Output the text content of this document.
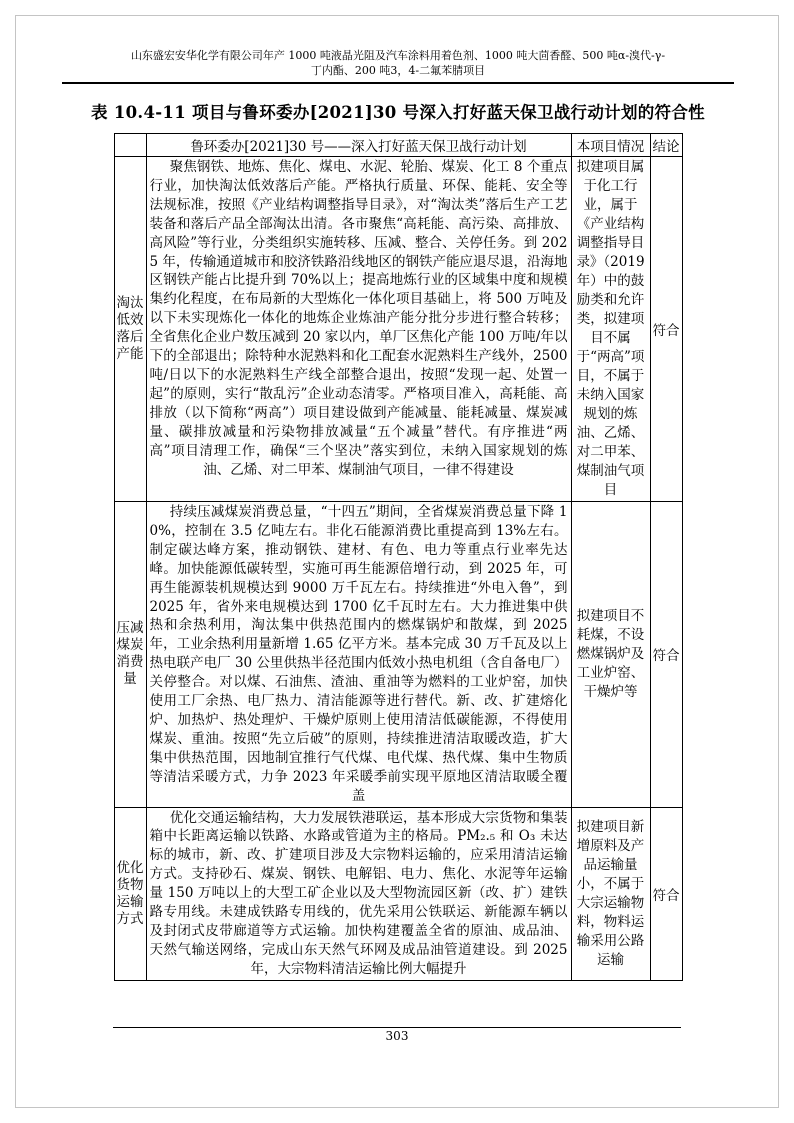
山东盛宏安华化学有限公司年产 1000 吨液晶光阻及汽车涂料用着色剂、1000 吨大茴香醛、500 吨α-溴代-γ-
丁内酯、200 吨3，4-二氟苯腈项目
表 10.4-11 项目与鲁环委办[2021]30 号深入打好蓝天保卫战行动计划的符合性
	鲁环委办[2021]30 号——深入打好蓝天保卫战行动计划	本项目情况	结论
淘汰低效落后产能	聚焦钢铁、地炼、焦化、煤电、水泥、轮胎、煤炭、化工 8 个重点行业，加快淘汰低效落后产能。严格执行质量、环保、能耗、安全等法规标准，按照《产业结构调整指导目录》，对“淘汰类”落后生产工艺装备和落后产品全部淘汰出清。各市聚焦“高耗能、高污染、高排放、高风险”等行业，分类组织实施转移、压减、整合、关停任务。到 2025 年，传输通道城市和胶济铁路沿线地区的钢铁产能应退尽退，沿海地区钢铁产能占比提升到 70%以上；提高地炼行业的区域集中度和规模集约化程度，在布局新的大型炼化一体化项目基础上，将 500 万吨及以下未实现炼化一体化的地炼企业炼油产能分批分步进行整合转移；全省焦化企业户数压减到 20 家以内，单厂区焦化产能 100 万吨/年以下的全部退出；除特种水泥熟料和化工配套水泥熟料生产线外，2500 吨/日以下的水泥熟料生产线全部整合退出，按照“发现一起、处置一起”的原则，实行“散乱污”企业动态清零。严格项目准入，高耗能、高排放（以下简称“两高”）项目建设做到产能减量、能耗减量、煤炭减量、碳排放减量和污染物排放减量“五个减量”替代。有序推进“两高”项目清理工作，确保“三个坚决”落实到位，未纳入国家规划的炼油、乙烯、对二甲苯、煤制油气项目，一律不得建设	拟建项目属于化工行业，属于《产业结构调整指导目录》（2019 年）中的鼓励类和允许类，拟建项目不属于“两高”项目，不属于未纳入国家规划的炼油、乙烯、对二甲苯、煤制油气项目	符合
压减煤炭消费量	持续压减煤炭消费总量，“十四五”期间，全省煤炭消费总量下降 10%，控制在 3.5 亿吨左右。非化石能源消费比重提高到 13%左右。制定碳达峰方案，推动钢铁、建材、有色、电力等重点行业率先达峰。加快能源低碳转型，实施可再生能源倍增行动，到 2025 年，可再生能源装机规模达到 9000 万千瓦左右。持续推进“外电入鲁”，到 2025 年，省外来电规模达到 1700 亿千瓦时左右。大力推进集中供热和余热利用，淘汰集中供热范围内的燃煤锅炉和散煤，到 2025 年，工业余热利用量新增 1.65 亿平方米。基本完成 30 万千瓦及以上热电联产电厂 30 公里供热半径范围内低效小热电机组（含自备电厂）关停整合。对以煤、石油焦、渣油、重油等为燃料的工业炉窑，加快使用工厂余热、电厂热力、清洁能源等进行替代。新、改、扩建熔化炉、加热炉、热处理炉、干燥炉原则上使用清洁低碳能源，不得使用煤炭、重油。按照“先立后破”的原则，持续推进清洁取暖改造，扩大集中供热范围，因地制宜推行气代煤、电代煤、热代煤、集中生物质等清洁采暖方式，力争 2023 年采暖季前实现平原地区清洁取暖全覆盖	拟建项目不耗煤，不设燃煤锅炉及工业炉窑、干燥炉等	符合
优化货物运输方式	优化交通运输结构，大力发展铁港联运，基本形成大宗货物和集装箱中长距离运输以铁路、水路或管道为主的格局。PM₂.₅ 和 O₃ 未达标的城市，新、改、扩建项目涉及大宗物料运输的，应采用清洁运输方式。支持砂石、煤炭、钢铁、电解铝、电力、焦化、水泥等年运输量 150 万吨以上的大型工矿企业以及大型物流园区新（改、扩）建铁路专用线。未建成铁路专用线的，优先采用公铁联运、新能源车辆以及封闭式皮带廊道等方式运输。加快构建覆盖全省的原油、成品油、天然气输送网络，完成山东天然气环网及成品油管道建设。到 2025 年，大宗物料清洁运输比例大幅提升	拟建项目新增原料及产品运输量小，不属于大宗运输物料，物料运输采用公路运输	符合
303
